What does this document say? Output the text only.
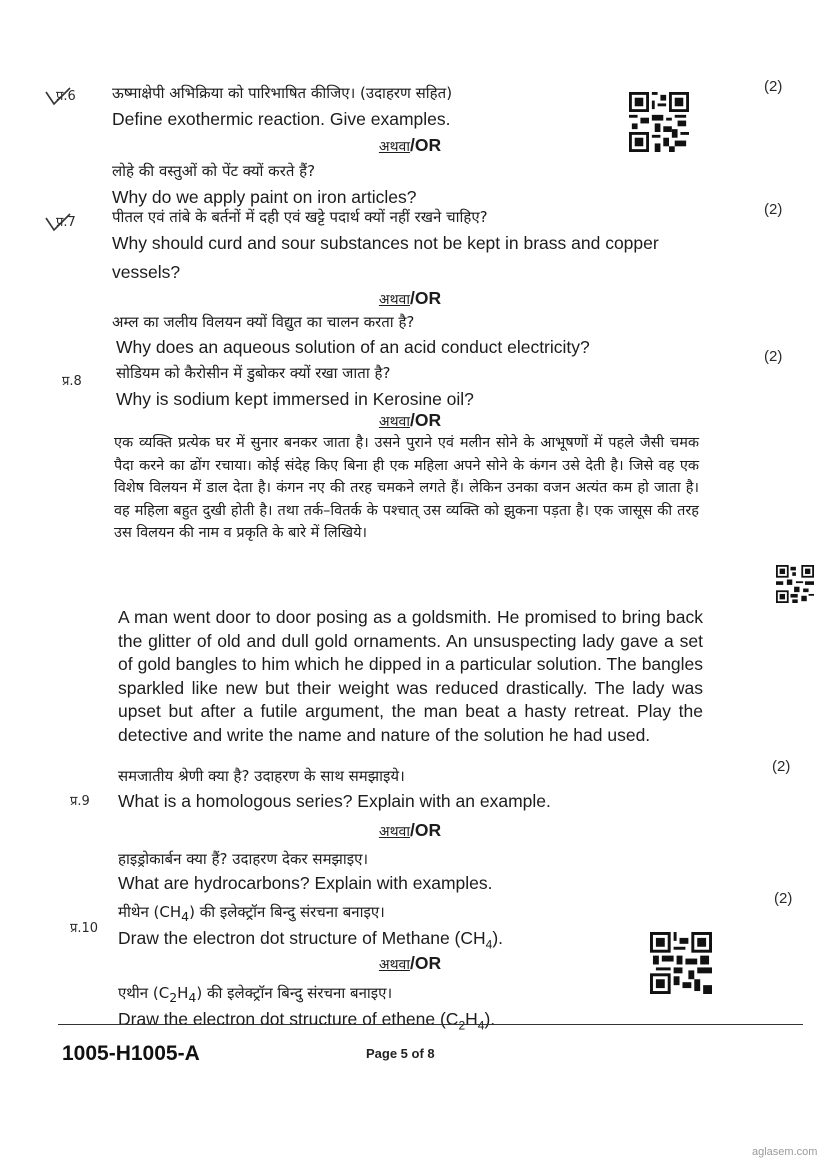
प्र.6 ऊष्माक्षेपी अभिक्रिया को पारिभाषित कीजिए। (उदाहरण सहित)
Define exothermic reaction. Give examples.
(2)
अथवा/OR
लोहे की वस्तुओं को पेंट क्यों करते हैं?
Why do we apply paint on iron articles?
प्र.7 पीतल एवं तांबे के बर्तनों में दही एवं खट्टे पदार्थ क्यों नहीं रखने चाहिए?
Why should curd and sour substances not be kept in brass and copper
vessels?
(2)
अथवा/OR
अम्ल का जलीय विलयन क्यों विद्युत का चालन करता है?
Why does an aqueous solution of an acid conduct electricity?
प्र.8 सोडियम को कैरोसीन में डुबोकर क्यों रखा जाता है?
Why is sodium kept immersed in Kerosine oil?
(2)
अथवा/OR
एक व्यक्ति प्रत्येक घर में सुनार बनकर जाता है। उसने पुराने एवं मलीन सोने के आभूषणों में पहले जैसी चमक पैदा करने का ढोंग रचाया। कोई संदेह किए बिना ही एक महिला अपने सोने के कंगन उसे देती है। जिसे वह एक विशेष विलयन में डाल देता है। कंगन नए की तरह चमकने लगते हैं। लेकिन उनका वजन अत्यंत कम हो जाता है। वह महिला बहुत दुखी होती है। तथा तर्क–वितर्क के पश्चात् उस व्यक्ति को झुकना पड़ता है। एक जासूस की तरह उस विलयन की नाम व प्रकृति के बारे में लिखिये।
A man went door to door posing as a goldsmith. He promised to bring back the glitter of old and dull gold ornaments. An unsuspecting lady gave a set of gold bangles to him which he dipped in a particular solution. The bangles sparkled like new but their weight was reduced drastically. The lady was upset but after a futile argument, the man beat a hasty retreat. Play the detective and write the name and nature of the solution he had used.
प्र.9
समजातीय श्रेणी क्या है? उदाहरण के साथ समझाइये।
What is a homologous series? Explain with an example.
(2)
अथवा/OR
हाइड्रोकार्बन क्या हैं? उदाहरण देकर समझाइए।
What are hydrocarbons? Explain with examples.
प्र.10
मीथेन $(CH_4)$ की इलेक्ट्रॉन बिन्दु संरचना बनाइए।
Draw the electron dot structure of Methane $(CH_4)$.
(2)
अथवा/OR
एथीन $(C_2H_4)$ की इलेक्ट्रॉन बिन्दु संरचना बनाइए।
Draw the electron dot structure of ethene $(C_2H_4)$.
1005-H1005-A	Page 5 of 8
aglasem.com
